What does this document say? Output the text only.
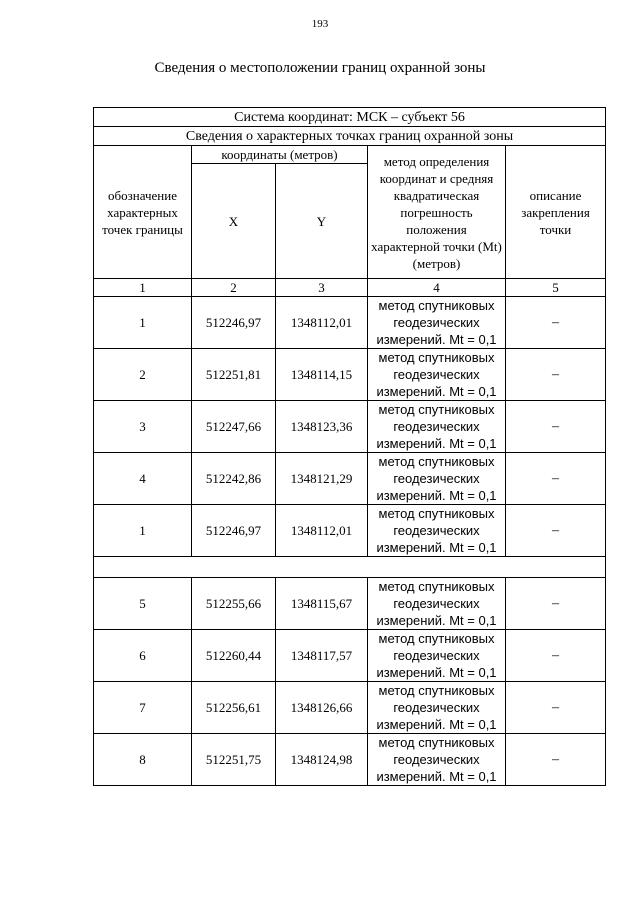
193
Сведения о местоположении границ охранной зоны
Система координат: МСК – субъект 56				
Сведения о характерных точках границ охранной зоны				
обозначение характерных точек границы	координаты (метров)		метод определения координат и средняя квадратическая погрешность положения характерной точки (Mt) (метров)	описание закрепления точки
	X	Y		
1	2	3	4	5
1	512246,97	1348112,01	метод спутниковых геодезических измерений. Mt = 0,1	–
2	512251,81	1348114,15	метод спутниковых геодезических измерений. Mt = 0,1	–
3	512247,66	1348123,36	метод спутниковых геодезических измерений. Mt = 0,1	–
4	512242,86	1348121,29	метод спутниковых геодезических измерений. Mt = 0,1	–
1	512246,97	1348112,01	метод спутниковых геодезических измерений. Mt = 0,1	–

5	512255,66	1348115,67	метод спутниковых геодезических измерений. Mt = 0,1	–
6	512260,44	1348117,57	метод спутниковых геодезических измерений. Mt = 0,1	–
7	512256,61	1348126,66	метод спутниковых геодезических измерений. Mt = 0,1	–
8	512251,75	1348124,98	метод спутниковых геодезических измерений. Mt = 0,1	–
